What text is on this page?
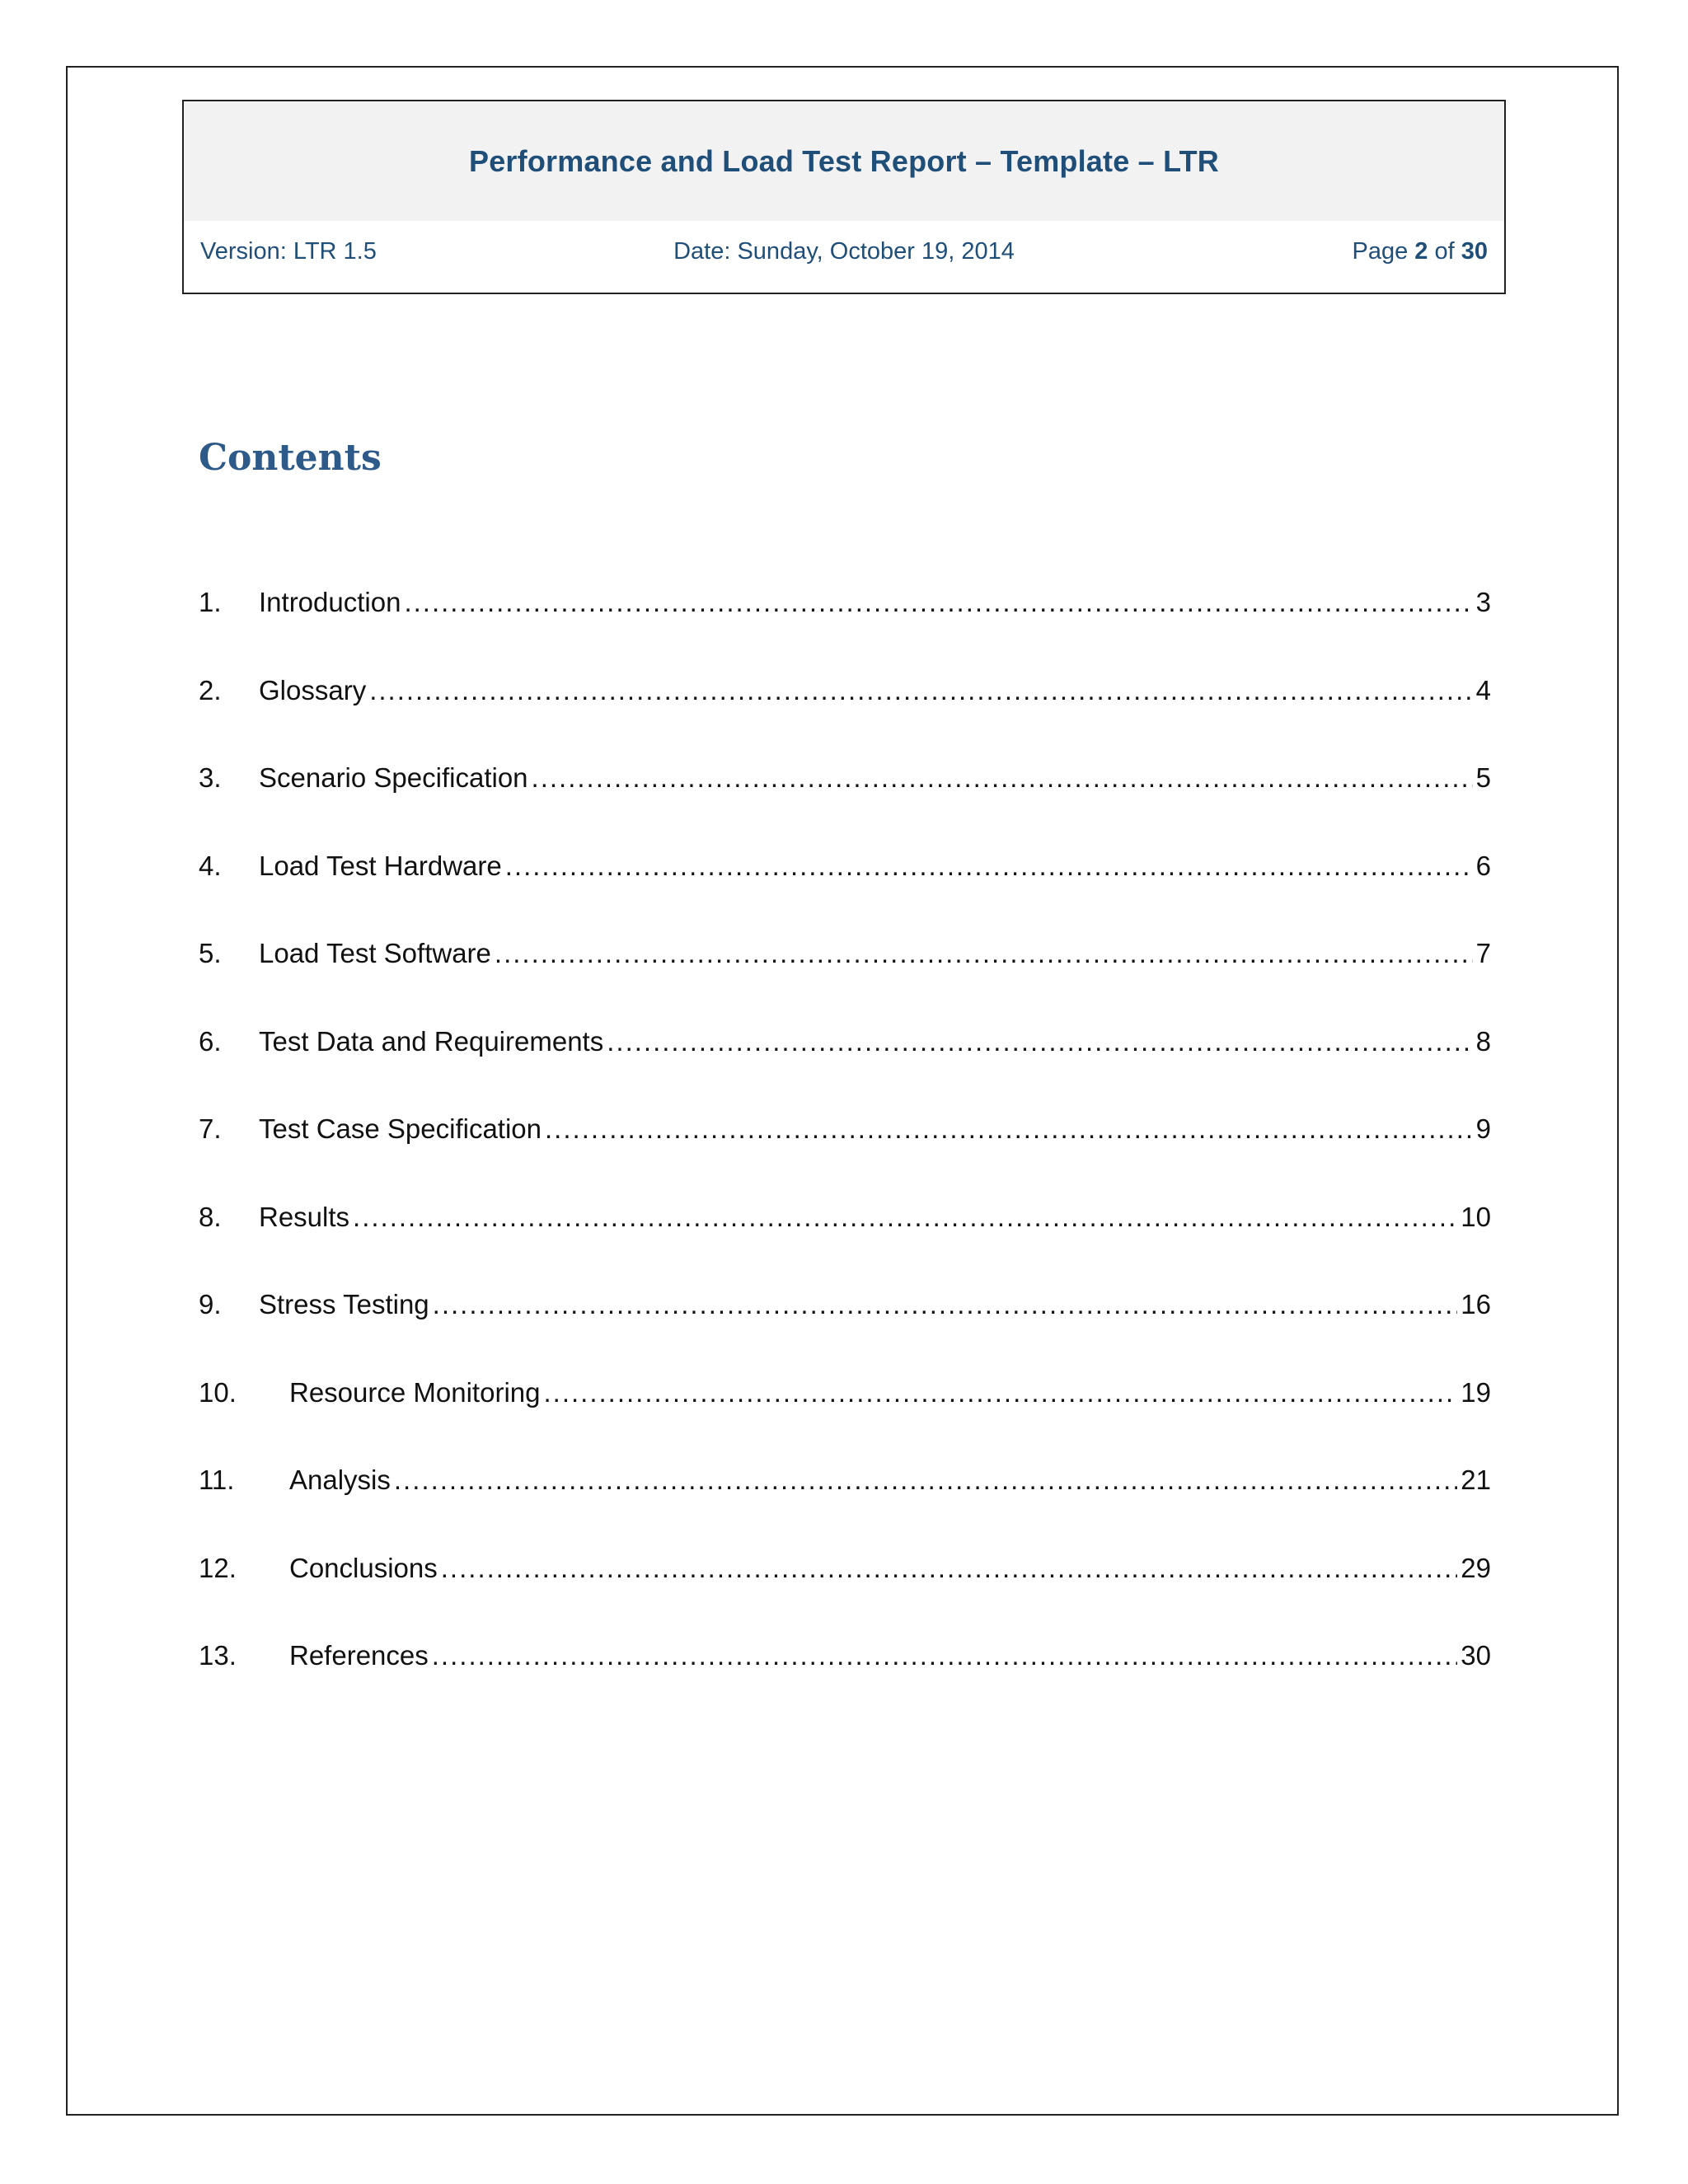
Performance and Load Test Report – Template – LTR
Version: LTR 1.5	Date: Sunday, October 19, 2014	Page 2 of 30
Contents
1.	Introduction .....	3
2.	Glossary .....	4
3.	Scenario Specification .....	5
4.	Load Test Hardware .....	6
5.	Load Test Software .....	7
6.	Test Data and Requirements .....	8
7.	Test Case Specification .....	9
8.	Results .....	10
9.	Stress Testing .....	16
10.	Resource Monitoring .....	19
11.	Analysis .....	21
12.	Conclusions .....	29
13.	References .....	30
